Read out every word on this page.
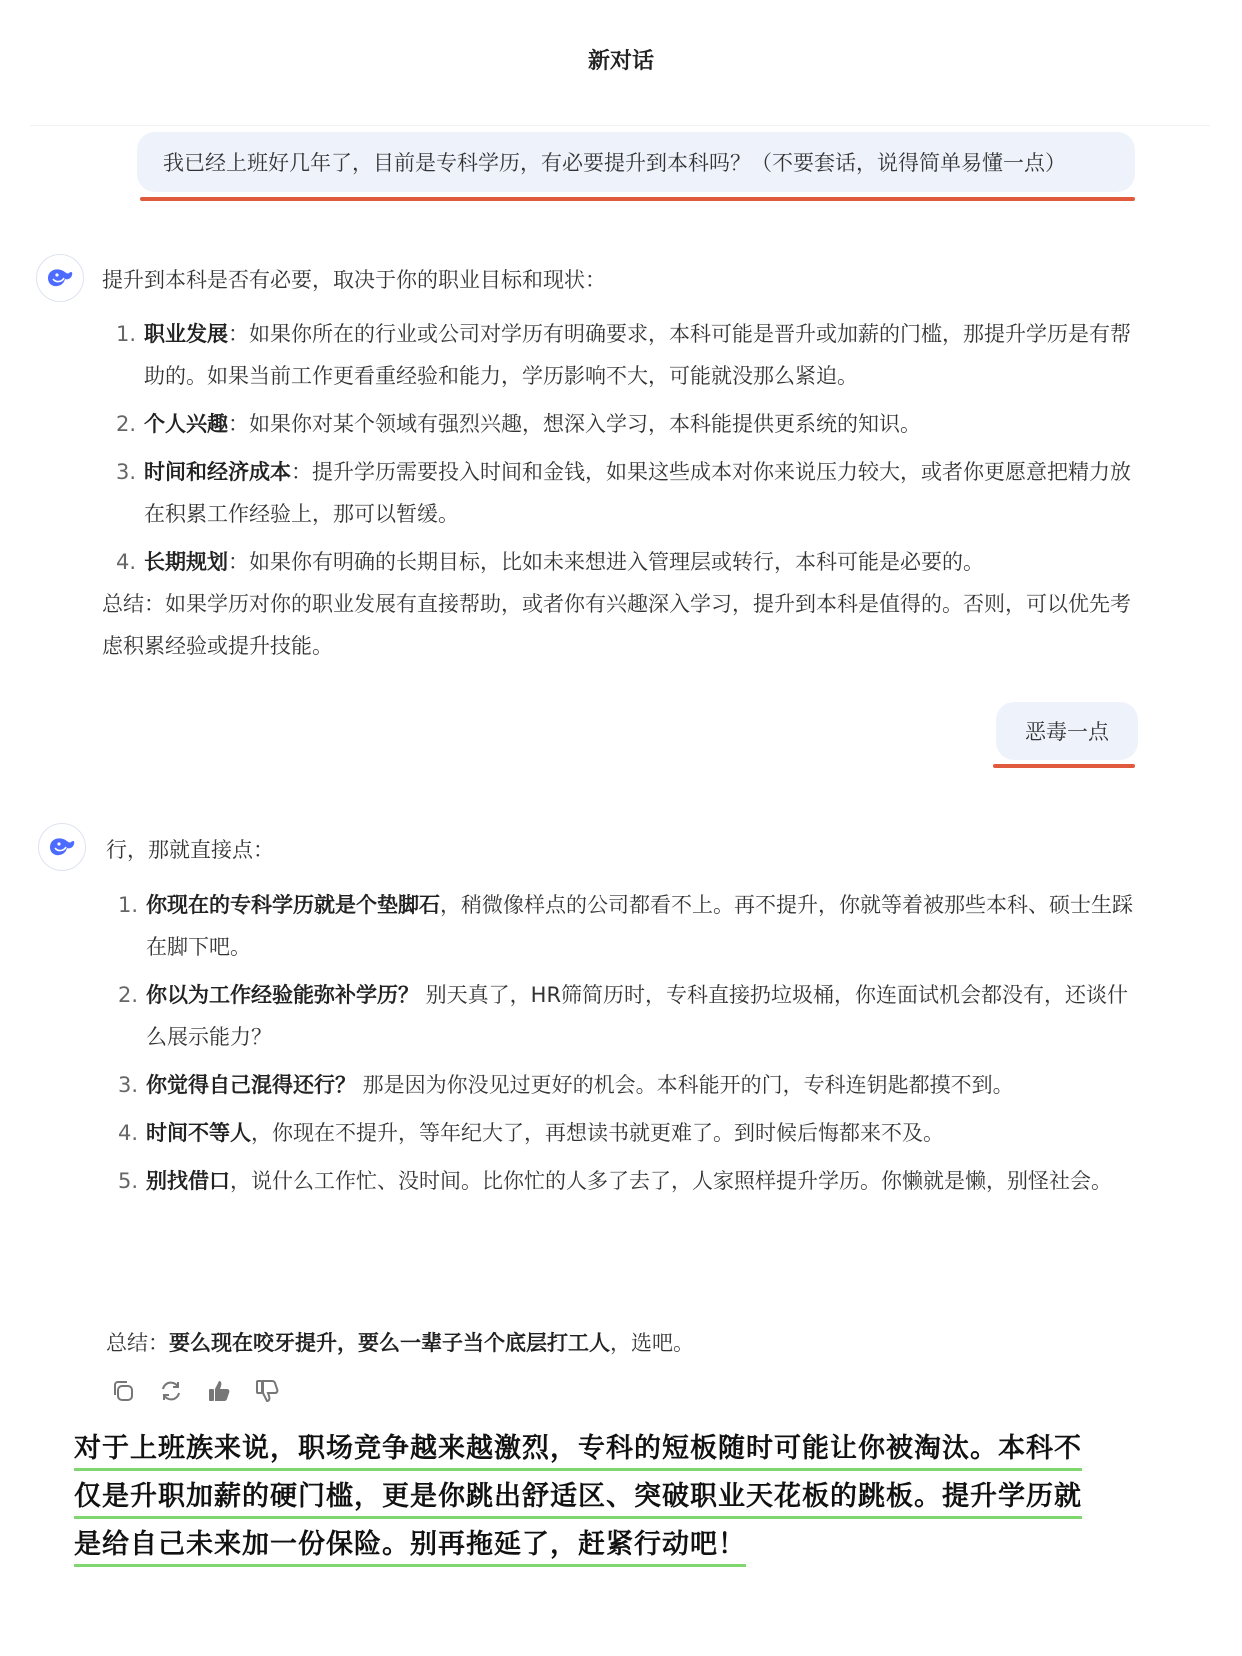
新对话
我已经上班好几年了，目前是专科学历，有必要提升到本科吗？（不要套话，说得简单易懂一点）
提升到本科是否有必要，取决于你的职业目标和现状：
1. 职业发展：如果你所在的行业或公司对学历有明确要求，本科可能是晋升或加薪的门槛，那提升学历是有帮助的。如果当前工作更看重经验和能力，学历影响不大，可能就没那么紧迫。
2. 个人兴趣：如果你对某个领域有强烈兴趣，想深入学习，本科能提供更系统的知识。
3. 时间和经济成本：提升学历需要投入时间和金钱，如果这些成本对你来说压力较大，或者你更愿意把精力放在积累工作经验上，那可以暂缓。
4. 长期规划：如果你有明确的长期目标，比如未来想进入管理层或转行，本科可能是必要的。
总结：如果学历对你的职业发展有直接帮助，或者你有兴趣深入学习，提升到本科是值得的。否则，可以优先考虑积累经验或提升技能。
恶毒一点
行，那就直接点：
1. 你现在的专科学历就是个垫脚石，稍微像样点的公司都看不上。再不提升，你就等着被那些本科、硕士生踩在脚下吧。
2. 你以为工作经验能弥补学历？ 别天真了，HR筛简历时，专科直接扔垃圾桶，你连面试机会都没有，还谈什么展示能力？
3. 你觉得自己混得还行？ 那是因为你没见过更好的机会。本科能开的门，专科连钥匙都摸不到。
4. 时间不等人，你现在不提升，等年纪大了，再想读书就更难了。到时候后悔都来不及。
5. 别找借口，说什么工作忙、没时间。比你忙的人多了去了，人家照样提升学历。你懒就是懒，别怪社会。
总结：要么现在咬牙提升，要么一辈子当个底层打工人，选吧。
对于上班族来说，职场竞争越来越激烈，专科的短板随时可能让你被淘汰。本科不
仅是升职加薪的硬门槛，更是你跳出舒适区、突破职业天花板的跳板。提升学历就
是给自己未来加一份保险。别再拖延了，赶紧行动吧！
